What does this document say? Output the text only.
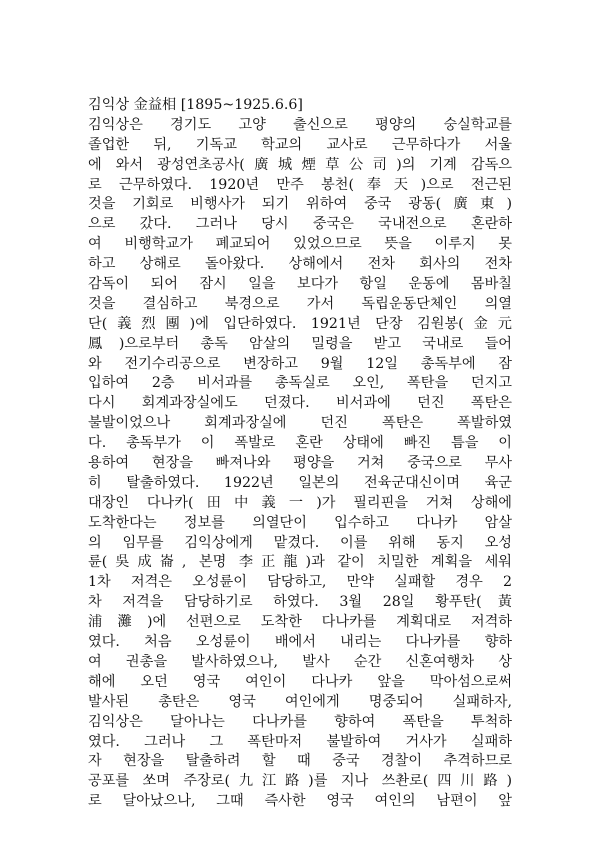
김익상 金益相 [1895~1925.6.6]
김익상은 경기도 고양 출신으로 평양의 숭실학교를
졸업한 뒤, 기독교 학교의 교사로 근무하다가 서울
에 와서 광성연초공사(廣城煙草公司)의 기계 감독으
로 근무하였다. 1920년 만주 봉천(奉天)으로 전근된
것을 기회로 비행사가 되기 위하여 중국 광동(廣東)
으로 갔다. 그러나 당시 중국은 국내전으로 혼란하
여 비행학교가 폐교되어 있었으므로 뜻을 이루지 못
하고 상해로 돌아왔다. 상해에서 전차 회사의 전차
감독이 되어 잠시 일을 보다가 항일 운동에 몸바칠
것을 결심하고 북경으로 가서 독립운동단체인 의열
단(義烈團)에 입단하였다. 1921년 단장 김원봉(金元
鳳)으로부터 총독 암살의 밀령을 받고 국내로 들어
와 전기수리공으로 변장하고 9월 12일 총독부에 잠
입하여 2층 비서과를 총독실로 오인, 폭탄을 던지고
다시 회계과장실에도 던졌다. 비서과에 던진 폭탄은
불발이었으나 회계과장실에 던진 폭탄은 폭발하였
다. 총독부가 이 폭발로 혼란 상태에 빠진 틈을 이
용하여 현장을 빠져나와 평양을 거쳐 중국으로 무사
히 탈출하였다. 1922년 일본의 전육군대신이며 육군
대장인 다나카(田中義一)가 필리핀을 거쳐 상해에
도착한다는 정보를 의열단이 입수하고 다나카 암살
의 임무를 김익상에게 맡겼다. 이를 위해 동지 오성
륜(吳成崙, 본명 李正龍)과 같이 치밀한 계획을 세워
1차 저격은 오성륜이 담당하고, 만약 실패할 경우 2
차 저격을 담당하기로 하였다. 3월 28일 황푸탄(黃
浦灘)에 선편으로 도착한 다나카를 계획대로 저격하
였다. 처음 오성륜이 배에서 내리는 다나카를 향하
여 권총을 발사하였으나, 발사 순간 신혼여행차 상
해에 오던 영국 여인이 다나카 앞을 막아섬으로써
발사된 총탄은 영국 여인에게 명중되어 실패하자,
김익상은 달아나는 다나카를 향하여 폭탄을 투척하
였다. 그러나 그 폭탄마저 불발하여 거사가 실패하
자 현장을 탈출하려 할 때 중국 경찰이 추격하므로
공포를 쏘며 주장로(九江路)를 지나 쓰촨로(四川路)
로 달아났으나, 그때 즉사한 영국 여인의 남편이 앞
